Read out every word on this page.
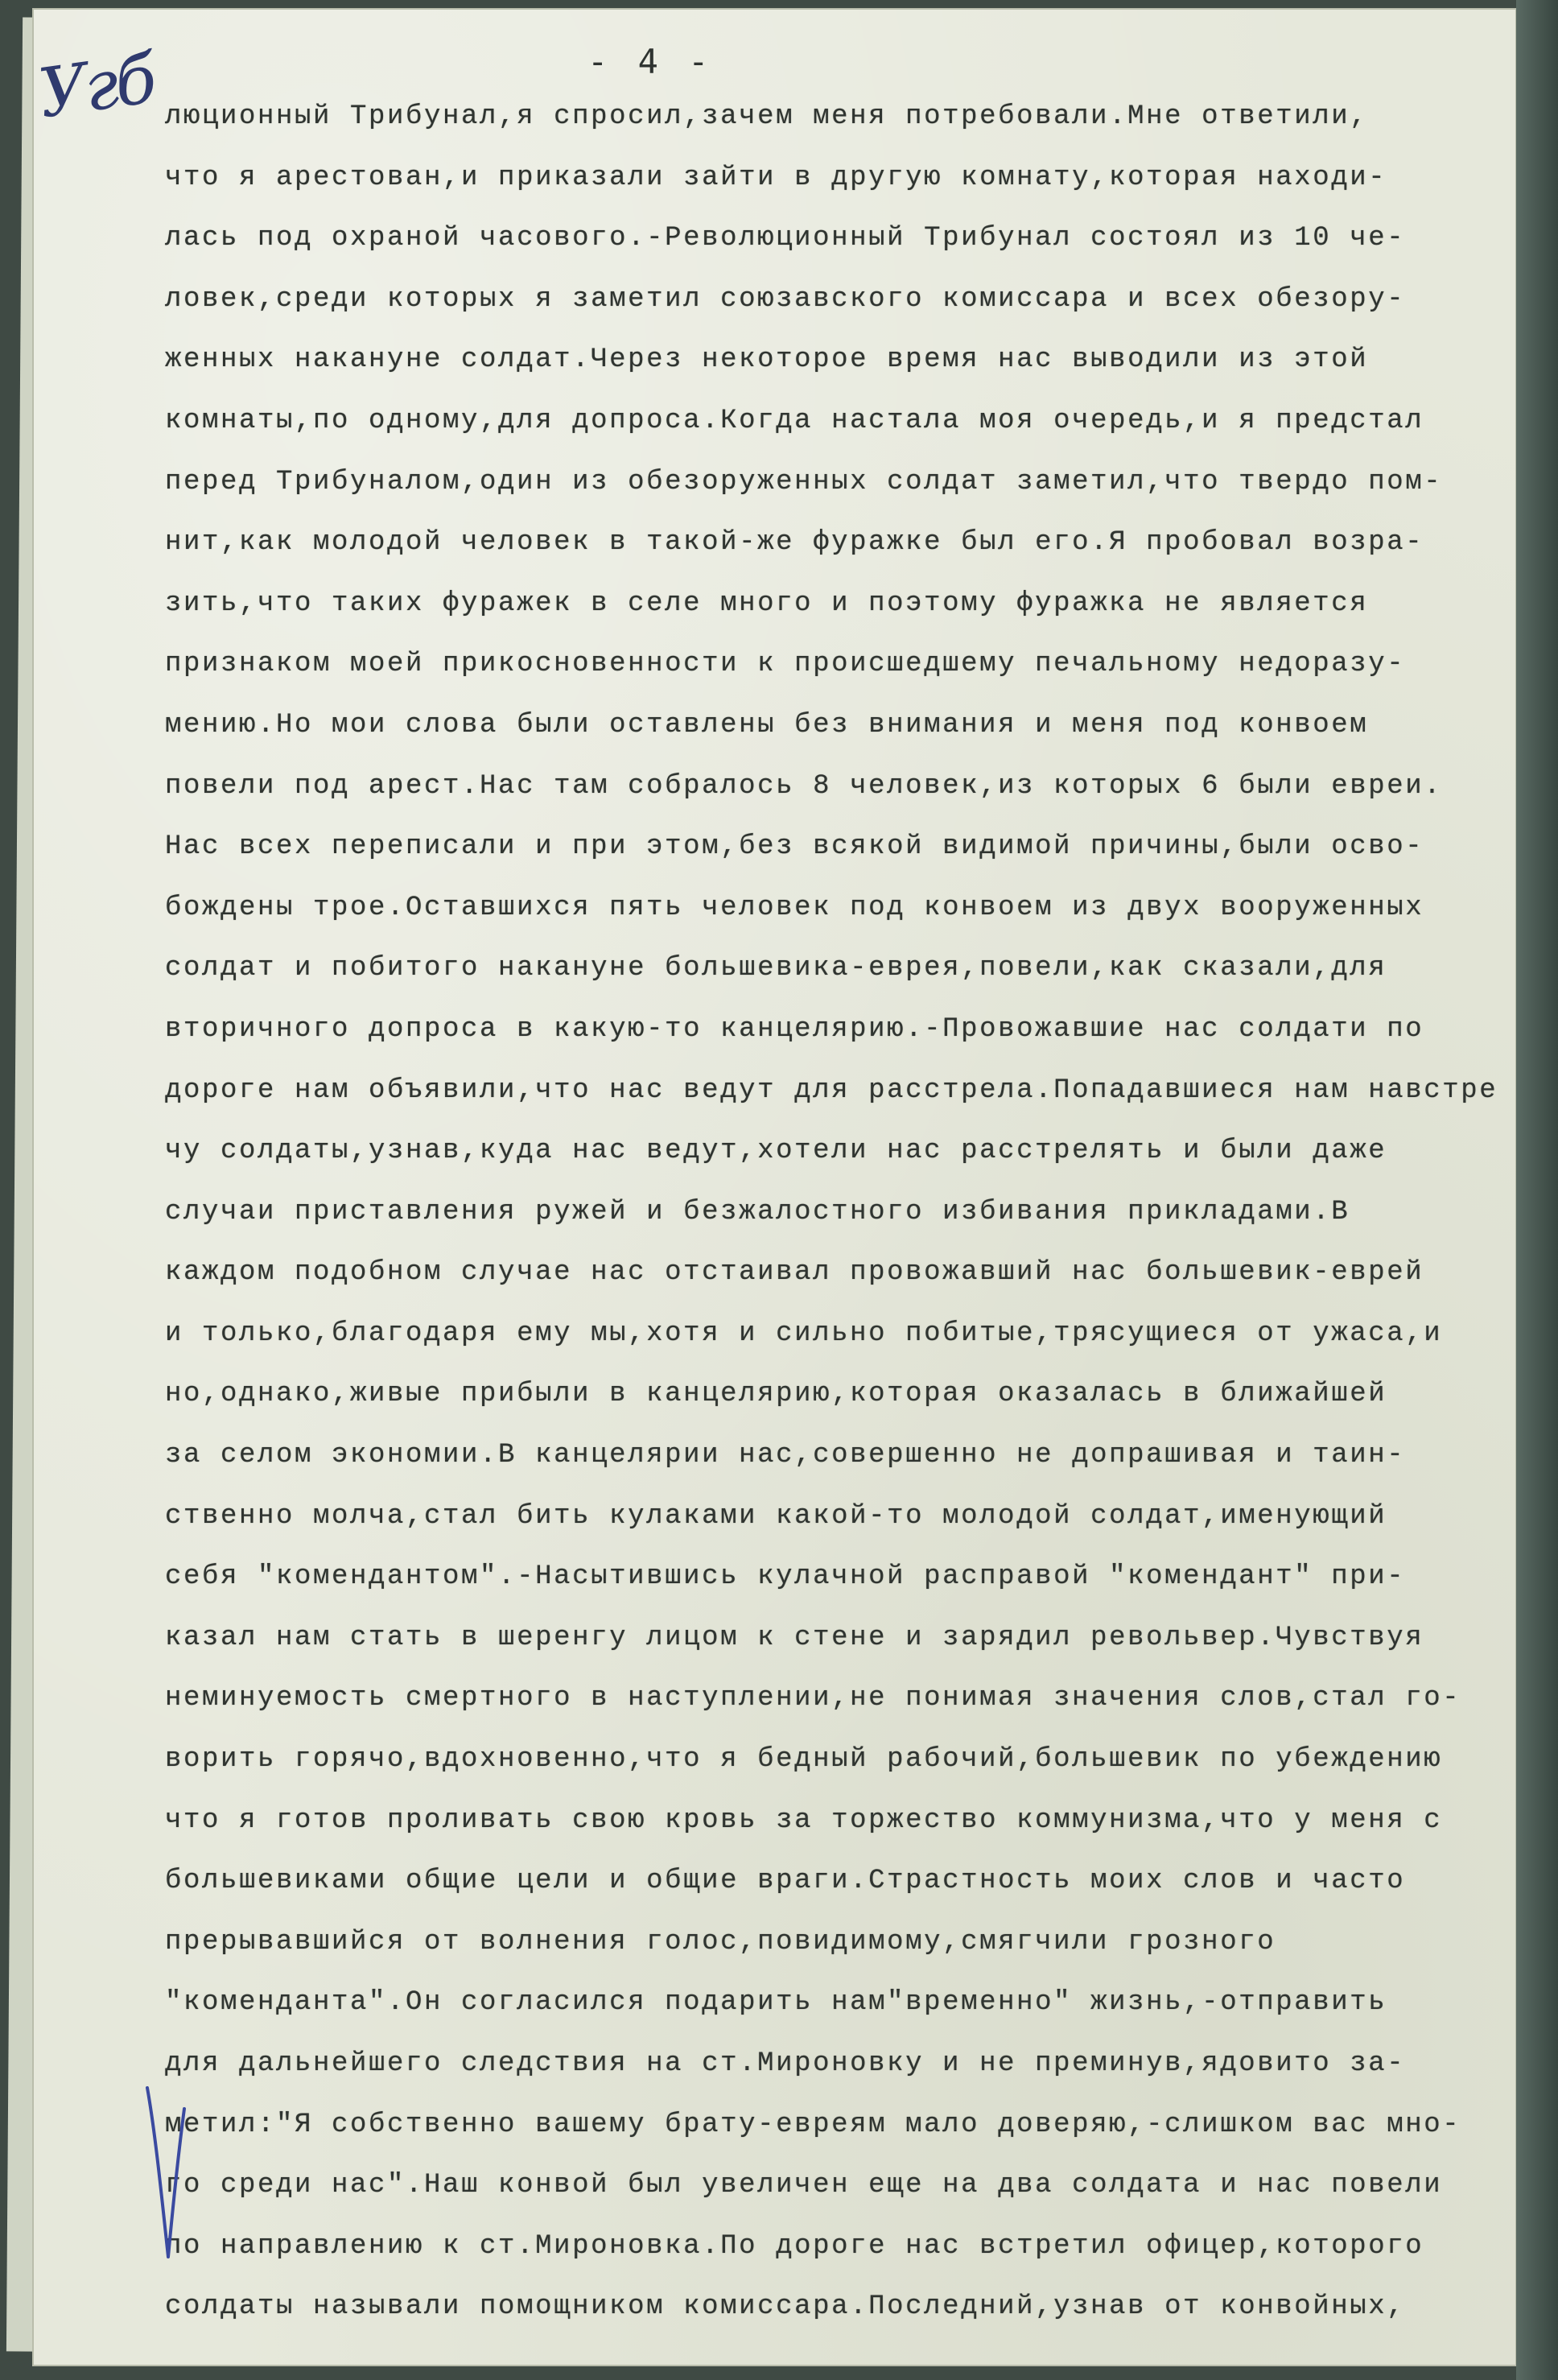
Угб	- 4 -
люционный Трибунал,я спросил,зачем меня потребовали.Мне ответили,
что я арестован,и приказали зайти в другую комнату,которая находи-
лась под охраной часового.-Революционный Трибунал состоял из 10 че-
ловек,среди которых я заметил союзавского комиссара и всех обезору-
женных накануне солдат.Через некоторое время нас выводили из этой
комнаты,по одному,для допроса.Когда настала моя очередь,и я предстал
перед Трибуналом,один из обезоруженных солдат заметил,что твердо пом-
нит,как молодой человек в такой-же фуражке был его.Я пробовал возра-
зить,что таких фуражек в селе много и поэтому фуражка не является
признаком моей прикосновенности к происшедшему печальному недоразу-
мению.Но мои слова были оставлены без внимания и меня под конвоем
повели под арест.Нас там собралось 8 человек,из которых 6 были евреи.
Нас всех переписали и при этом,без всякой видимой причины,были осво-
бождены трое.Оставшихся пять человек под конвоем из двух вооруженных
солдат и побитого накануне большевика-еврея,повели,как сказали,для
вторичного допроса в какую-то канцелярию.-Провожавшие нас солдати по
дороге нам объявили,что нас ведут для расстрела.Попадавшиеся нам навстре
чу солдаты,узнав,куда нас ведут,хотели нас расстрелять и были даже
случаи приставления ружей и безжалостного избивания прикладами.В
каждом подобном случае нас отстаивал провожавший нас большевик-еврей
и только,благодаря ему мы,хотя и сильно побитые,трясущиеся от ужаса,и
но,однако,живые прибыли в канцелярию,которая оказалась в ближайшей
за селом экономии.В канцелярии нас,совершенно не допрашивая и таин-
ственно молча,стал бить кулаками какой-то молодой солдат,именующий
себя "комендантом".-Насытившись кулачной расправой "комендант" при-
казал нам стать в шеренгу лицом к стене и зарядил револьвер.Чувствуя
неминуемость смертного в наступлении,не понимая значения слов,стал го-
ворить горячо,вдохновенно,что я бедный рабочий,большевик по убеждению
что я готов проливать свою кровь за торжество коммунизма,что у меня с
большевиками общие цели и общие враги.Страстность моих слов и часто
прерывавшийся от волнения голос,повидимому,смягчили грозного
"коменданта".Он согласился подарить нам"временно" жизнь,-отправить
для дальнейшего следствия на ст.Мироновку и не преминув,ядовито за-
метил:"Я собственно вашему брату-евреям мало доверяю,-слишком вас мно-
го среди нас".Наш конвой был увеличен еще на два солдата и нас повели
по направлению к ст.Мироновка.По дороге нас встретил офицер,которого
солдаты называли помощником комиссара.Последний,узнав от конвойных,
